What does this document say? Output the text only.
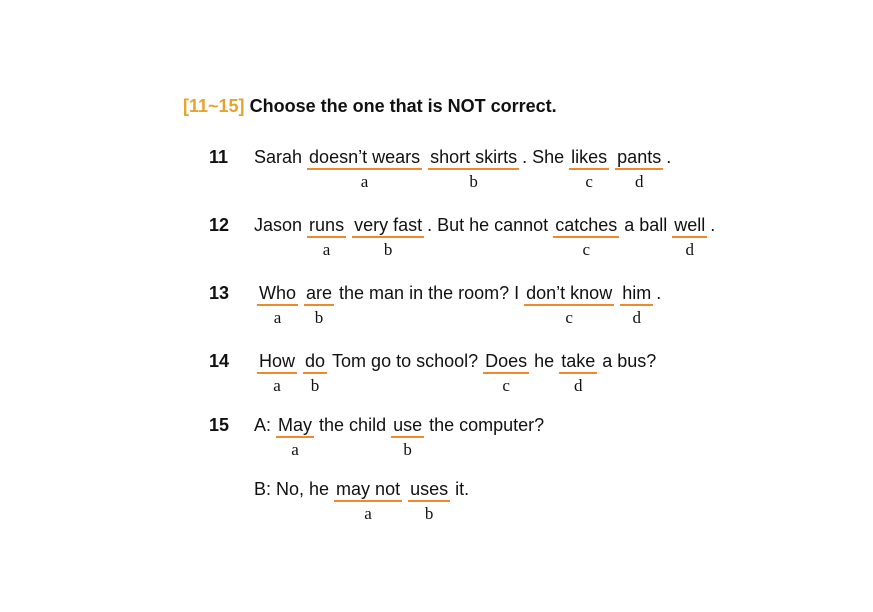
[11~15] Choose the one that is NOT correct.
11 Sarah doesn’t wears
a
short skirts
b
. She likes
c
pants
d
.
12 Jason runs
a
very fast
b
. But he cannot catches
c
a ball well
d
.
13 Who
a
are
b
the man in the room? I don’t know
c
him
d
.
14 How
a
do
b
Tom go to school? Does
c
he take
d
a bus?
15 A: May
a
the child use
b
the computer?
B: No, he may not
a
uses
b
it.
